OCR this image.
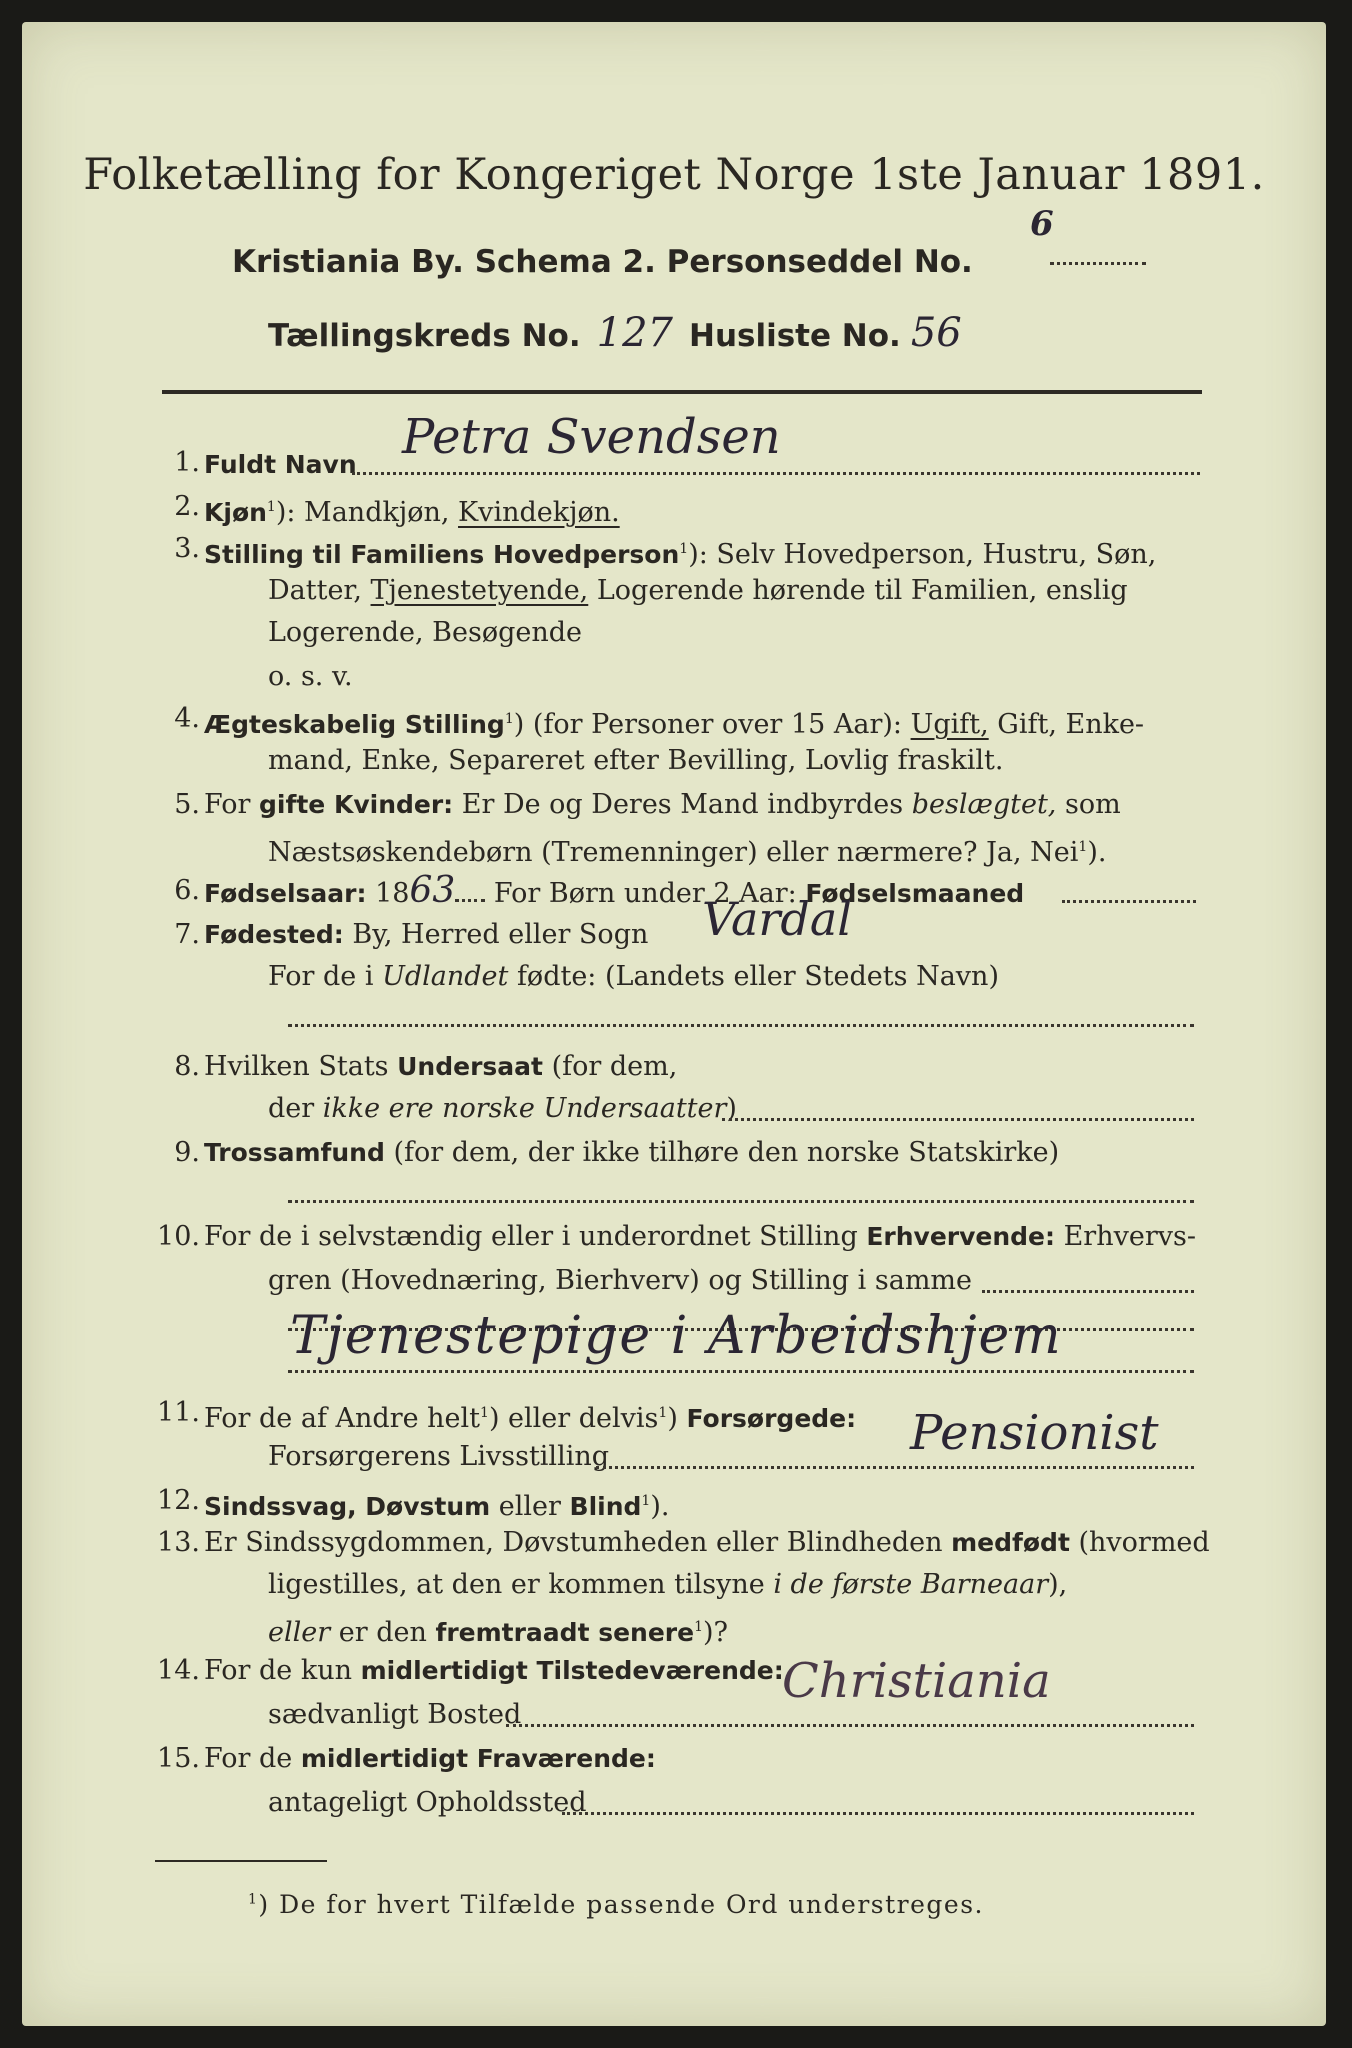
Folketælling for Kongeriget Norge 1ste Januar 1891.
Kristiania By. Schema 2. Personseddel No.
6
Tællingskreds No. 127 Husliste No. 56
1. Fuldt Navn Petra Svendsen
2. Kjøn$^1$): Mandkjøn, Kvindekjøn.
3. Stilling til Familiens Hovedperson$^1$): Selv Hovedperson, Hustru, Søn,
Datter, Tjenestetyende, Logerende hørende til Familien, enslig
Logerende, Besøgende
o. s. v.
4. Ægteskabelig Stilling$^1$) (for Personer over 15 Aar): Ugift, Gift, Enke-
mand, Enke, Separeret efter Bevilling, Lovlig fraskilt.
5. For gifte Kvinder: Er De og Deres Mand indbyrdes beslægtet, som
Næstsøskendebørn (Tremenninger) eller nærmere? Ja, Nei$^1$).
6. Fødselsaar: 1863 For Børn under 2 Aar: Fødselsmaaned
7. Fødested: By, Herred eller Sogn Vardal
For de i Udlandet fødte: (Landets eller Stedets Navn)
8. Hvilken Stats Undersaat (for dem,
der ikke ere norske Undersaatter)
9. Trossamfund (for dem, der ikke tilhøre den norske Statskirke)
10. For de i selvstændig eller i underordnet Stilling Erhvervende: Erhvervs-
gren (Hovednæring, Bierhverv) og Stilling i samme
Tjenestepige i Arbeidshjem
11. For de af Andre helt$^1$) eller delvis$^1$) Forsørgede:
Forsørgerens Livsstilling	Pensionist
12. Sindssvag, Døvstum eller Blind$^1$).
13. Er Sindssygdommen, Døvstumheden eller Blindheden medfødt (hvormed
ligestilles, at den er kommen tilsyne i de første Barneaar),
eller er den fremtraadt senere$^1$)?
14. For de kun midlertidigt Tilstedeværende:
sædvanligt Bosted
Christiania
15. For de midlertidigt Fraværende:
antageligt Opholdssted
$^1$) De for hvert Tilfælde passende Ord understreges.
